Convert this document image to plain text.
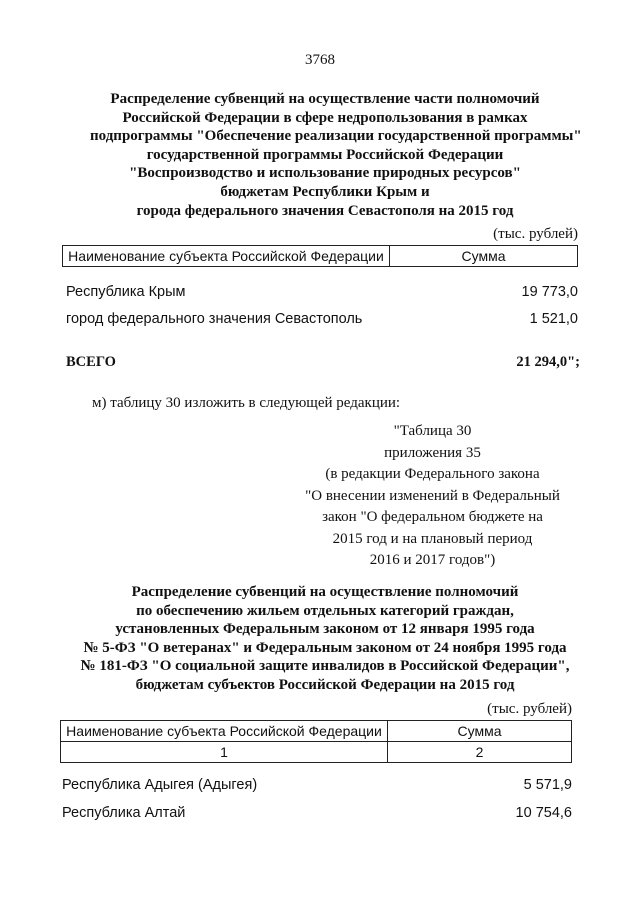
3768
Распределение субвенций на осуществление части полномочий
Российской Федерации в сфере недропользования в рамках
подпрограммы "Обеспечение реализации государственной программы"
государственной программы Российской Федерации
"Воспроизводство и использование природных ресурсов"
бюджетам Республики Крым и
города федерального значения Севастополя на 2015 год
(тыс. рублей)
Наименование субъекта Российской Федерации	Сумма
Республика Крым	19 773,0
город федерального значения Севастополь	1 521,0
ВСЕГО	21 294,0";
м) таблицу 30 изложить в следующей редакции:
"Таблица 30
приложения 35
(в редакции Федерального закона
"О внесении изменений в Федеральный
закон "О федеральном бюджете на
2015 год и на плановый период
2016 и 2017 годов")
Распределение субвенций на осуществление полномочий
по обеспечению жильем отдельных категорий граждан,
установленных Федеральным законом от 12 января 1995 года
№ 5-ФЗ "О ветеранах" и Федеральным законом от 24 ноября 1995 года
№ 181-ФЗ "О социальной защите инвалидов в Российской Федерации",
бюджетам субъектов Российской Федерации на 2015 год
(тыс. рублей)
Наименование субъекта Российской Федерации	Сумма
1	2
Республика Адыгея (Адыгея)	5 571,9
Республика Алтай	10 754,6
